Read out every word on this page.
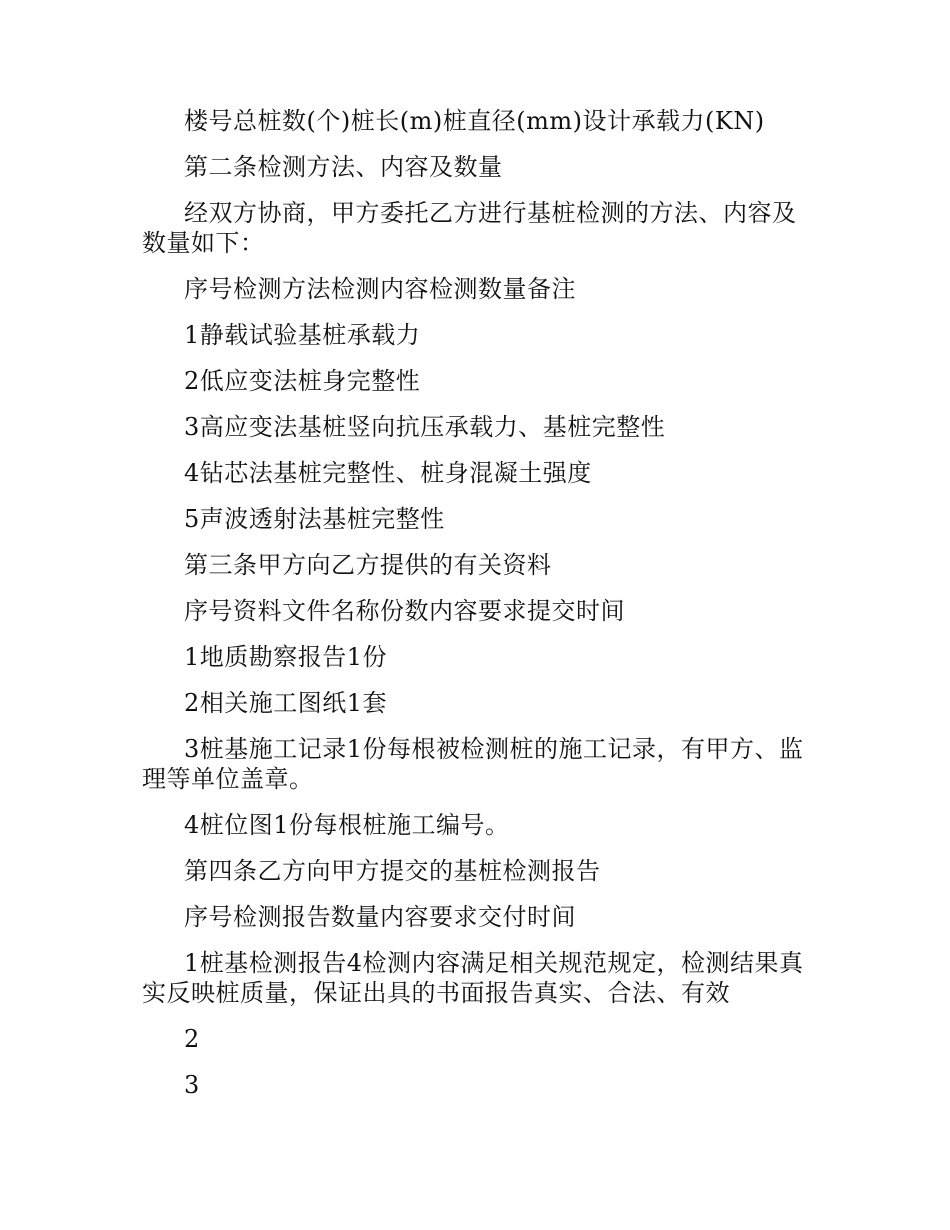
楼号总桩数(个)桩长(m)桩直径(mm)设计承载力(KN)

第二条检测方法、内容及数量

经双方协商，甲方委托乙方进行基桩检测的方法、内容及数量如下：

序号检测方法检测内容检测数量备注

1静载试验基桩承载力

2低应变法桩身完整性

3高应变法基桩竖向抗压承载力、基桩完整性

4钻芯法基桩完整性、桩身混凝土强度

5声波透射法基桩完整性

第三条甲方向乙方提供的有关资料

序号资料文件名称份数内容要求提交时间

1地质勘察报告1份

2相关施工图纸1套

3桩基施工记录1份每根被检测桩的施工记录，有甲方、监理等单位盖章。

4桩位图1份每根桩施工编号。

第四条乙方向甲方提交的基桩检测报告

序号检测报告数量内容要求交付时间

1桩基检测报告4检测内容满足相关规范规定，检测结果真实反映桩质量，保证出具的书面报告真实、合法、有效

2

3
